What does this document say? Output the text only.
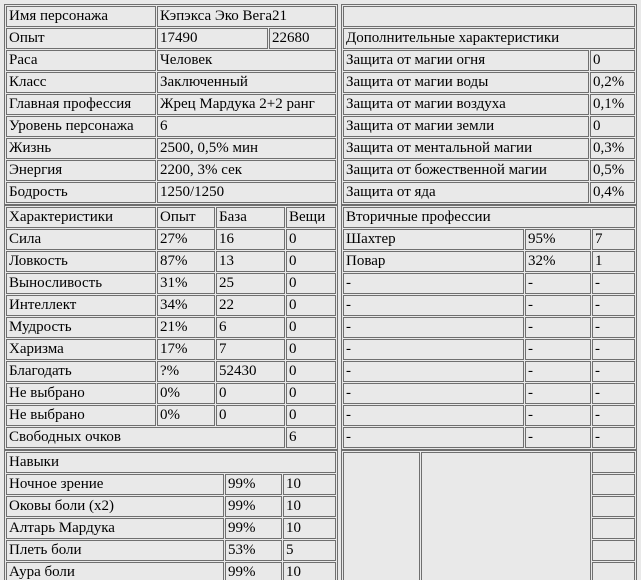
Имя персонажа	Кэпэкса Эко Вега21	
Опыт	17490	22680
Раса	Человек	
Класс	Заключенный	
Главная профессия	Жрец Мардука 2+2 ранг	
Уровень персонажа	6	
Жизнь	2500, 0,5% мин	
Энергия	2200, 3% сек	
Бодрость	1250/1250	
Характеристики	Опыт	База	Вещи
Сила	27%	16	0
Ловкость	87%	13	0
Выносливость	31%	25	0
Интеллект	34%	22	0
Мудрость	21%	6	0
Харизма	17%	7	0
Благодать	?%	52430	0
Не выбрано	0%	0	0
Не выбрано	0%	0	0
Свободных очков			6
Навыки		
Ночное зрение	99%	10
Оковы боли (x2)	99%	10
Алтарь Мардука	99%	10
Плеть боли	53%	5
Аура боли	99%	10

Дополнительные характеристики	
Защита от магии огня	0
Защита от магии воды	0,2%
Защита от магии воздуха	0,1%
Защита от магии земли	0
Защита от ментальной магии	0,3%
Защита от божественной магии	0,5%
Защита от яда	0,4%
Вторичные профессии		
Шахтер	95%	7
Повар	32%	1
-	-	-
-	-	-
-	-	-
-	-	-
-	-	-
-	-	-
-	-	-
-	-	-
